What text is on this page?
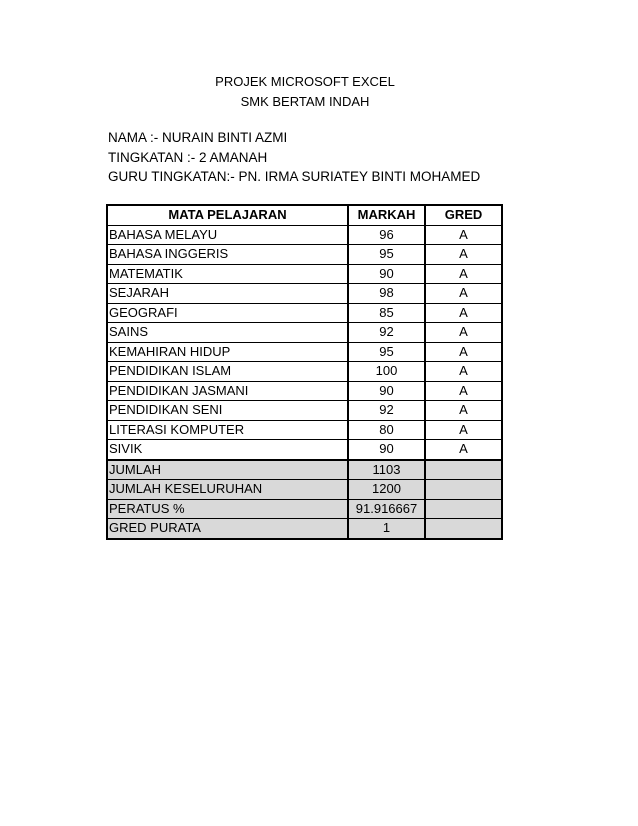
PROJEK MICROSOFT EXCEL
SMK BERTAM INDAH
NAMA :- NURAIN BINTI AZMI
TINGKATAN :- 2 AMANAH
GURU TINGKATAN:- PN. IRMA SURIATEY BINTI MOHAMED
MATA PELAJARAN	MARKAH	GRED
BAHASA MELAYU	96	A
BAHASA INGGERIS	95	A
MATEMATIK	90	A
SEJARAH	98	A
GEOGRAFI	85	A
SAINS	92	A
KEMAHIRAN HIDUP	95	A
PENDIDIKAN ISLAM	100	A
PENDIDIKAN JASMANI	90	A
PENDIDIKAN SENI	92	A
LITERASI KOMPUTER	80	A
SIVIK	90	A
JUMLAH	1103	
JUMLAH KESELURUHAN	1200	
PERATUS %	91.916667	
GRED PURATA	1	
